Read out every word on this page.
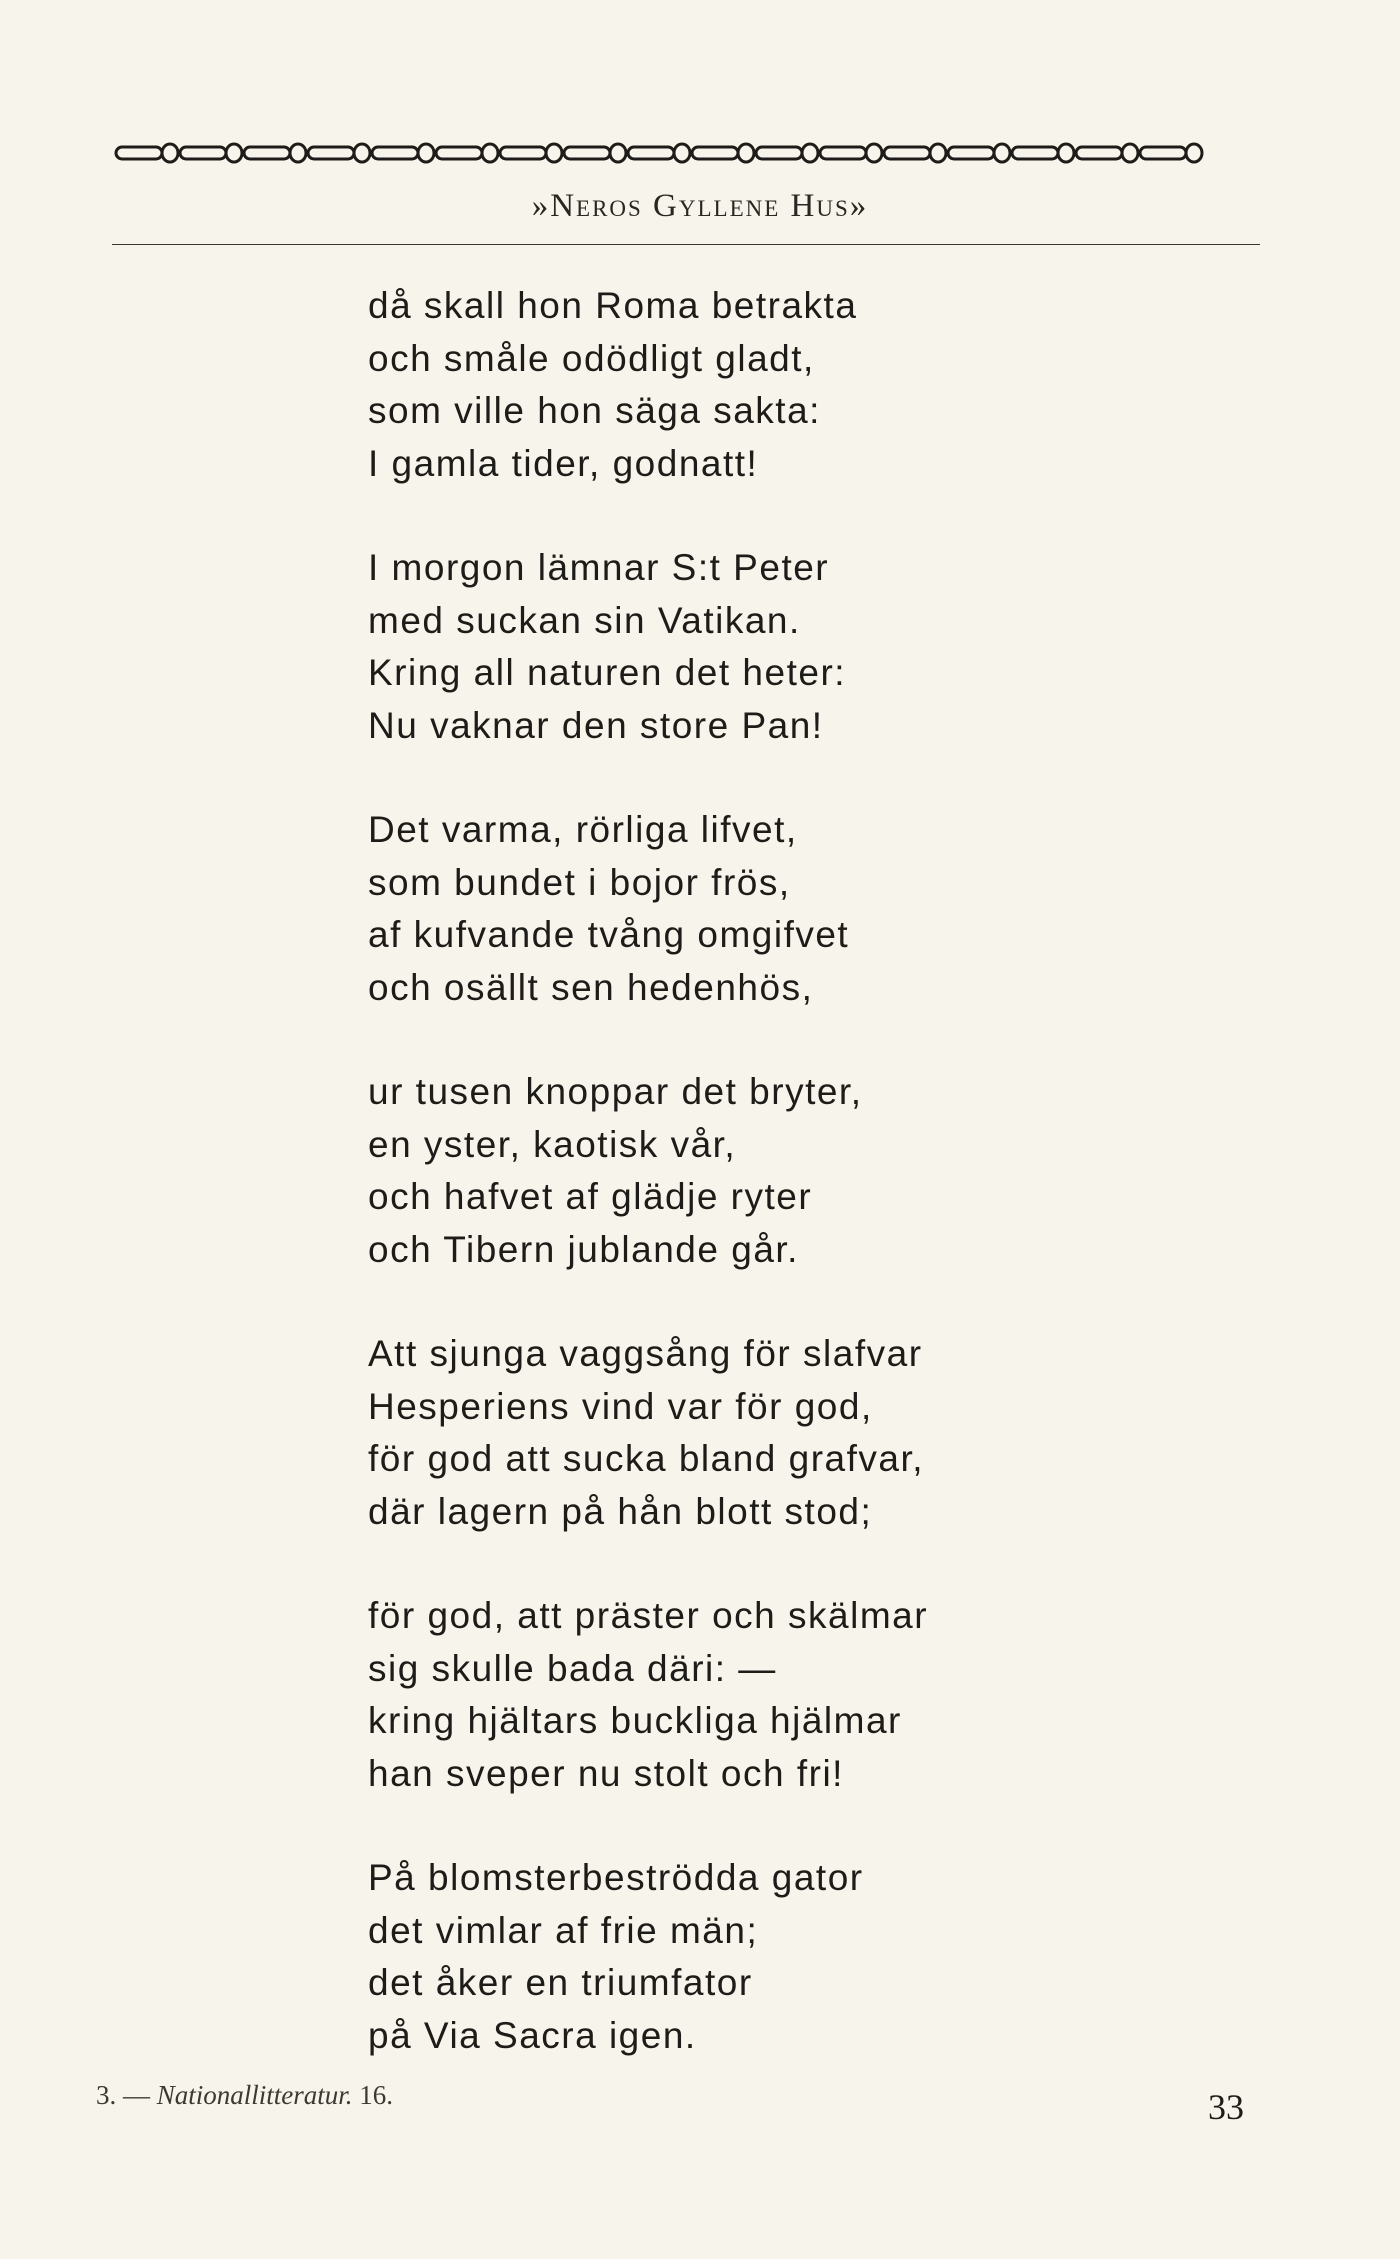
»Neros Gyllene Hus»
då skall hon Roma betrakta
och småle odödligt gladt,
som ville hon säga sakta:
I gamla tider, godnatt!
I morgon lämnar S:t Peter
med suckan sin Vatikan.
Kring all naturen det heter:
Nu vaknar den store Pan!
Det varma, rörliga lifvet,
som bundet i bojor frös,
af kufvande tvång omgifvet
och osällt sen hedenhös,
ur tusen knoppar det bryter,
en yster, kaotisk vår,
och hafvet af glädje ryter
och Tibern jublande går.
Att sjunga vaggsång för slafvar
Hesperiens vind var för god,
för god att sucka bland grafvar,
där lagern på hån blott stod;
för god, att präster och skälmar
sig skulle bada däri: —
kring hjältars buckliga hjälmar
han sveper nu stolt och fri!
På blomsterbeströdda gator
det vimlar af frie män;
det åker en triumfator
på Via Sacra igen.
3. — Nationallitteratur. 16.	33
